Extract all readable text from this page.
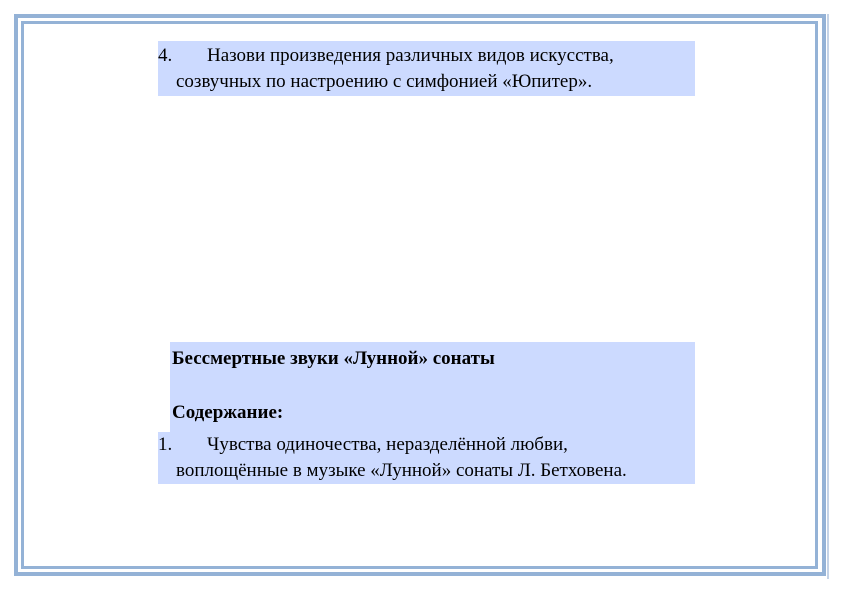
4. Назови произведения различных видов искусства,
созвучных по настроению с симфонией «Юпитер».
Бессмертные звуки «Лунной» сонаты
Содержание:
1. Чувства одиночества, неразделённой любви,
воплощённые в музыке «Лунной» сонаты Л. Бетховена.
